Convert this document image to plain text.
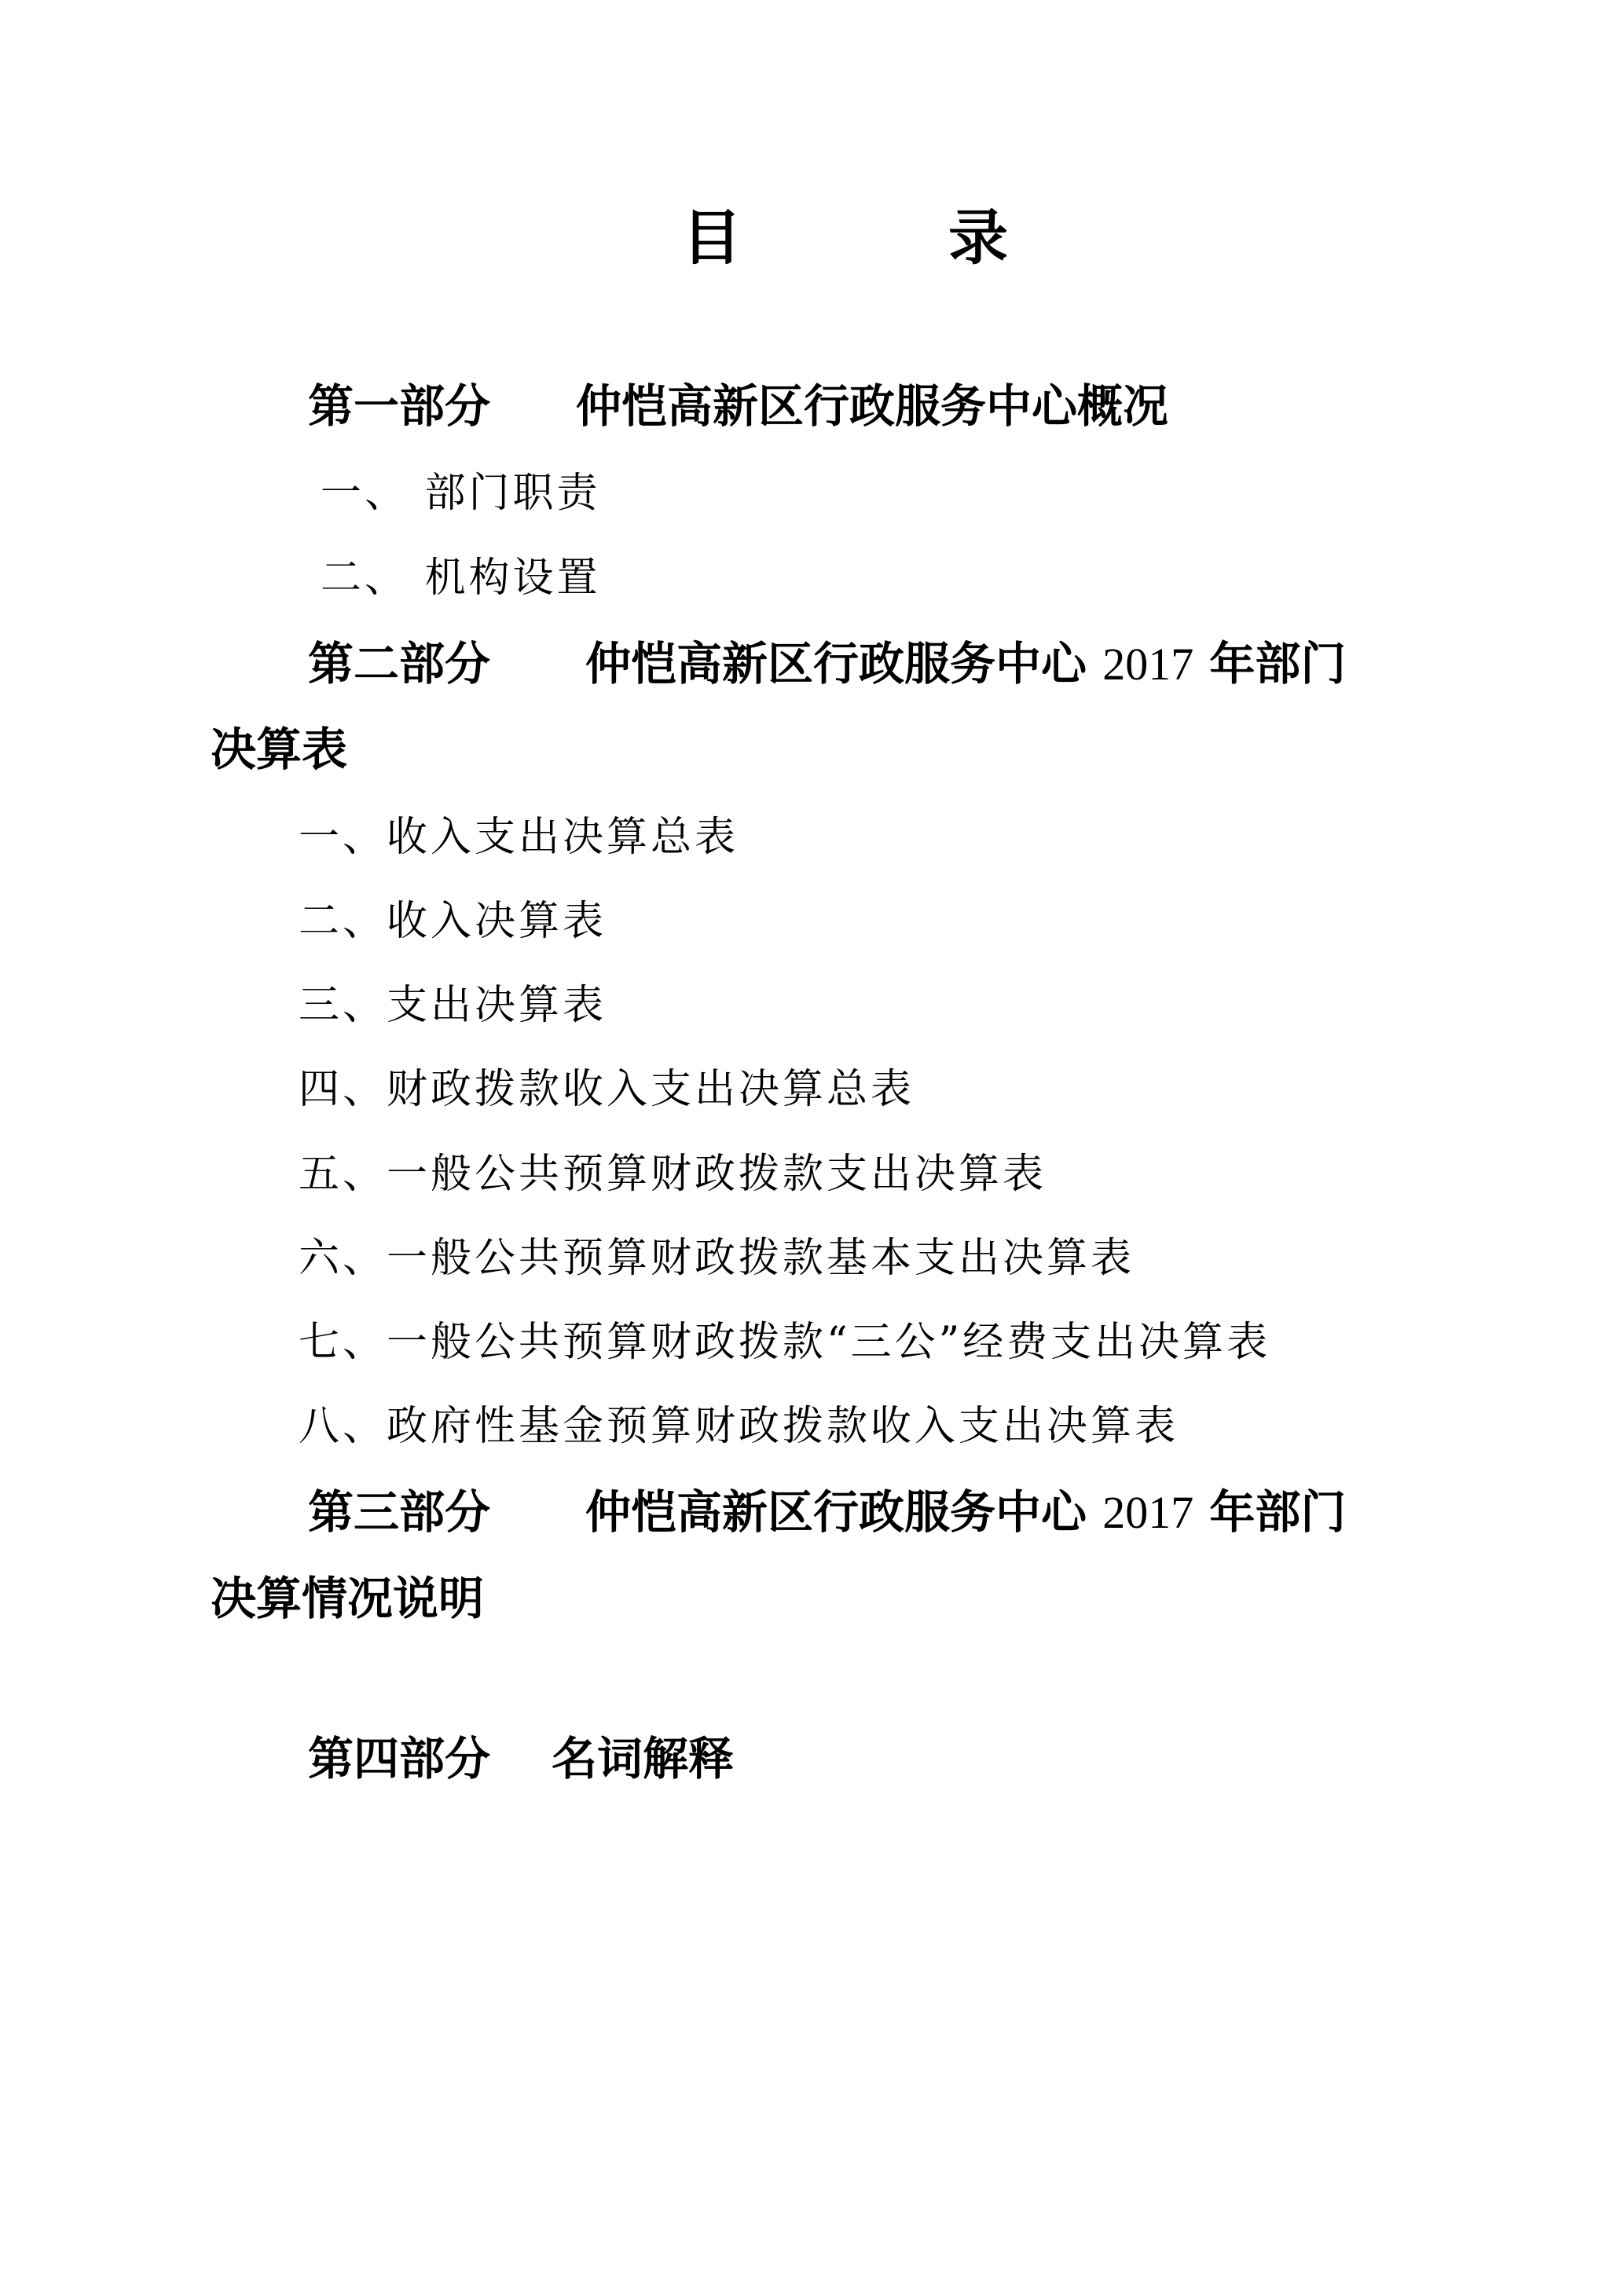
目	录
第一部分 仲恺高新区行政服务中心概况
一、 部门职责
二、 机构设置
第二部分 仲恺高新区行政服务中心 2017 年部门
决算表
一、收入支出决算总表
二、收入决算表
三、支出决算表
四、财政拨款收入支出决算总表
五、一般公共预算财政拨款支出决算表
六、一般公共预算财政拨款基本支出决算表
七、一般公共预算财政拨款“三公”经费支出决算表
八、政府性基金预算财政拨款收入支出决算表
第三部分 仲恺高新区行政服务中心 2017 年部门
决算情况说明
第四部分 名词解释
